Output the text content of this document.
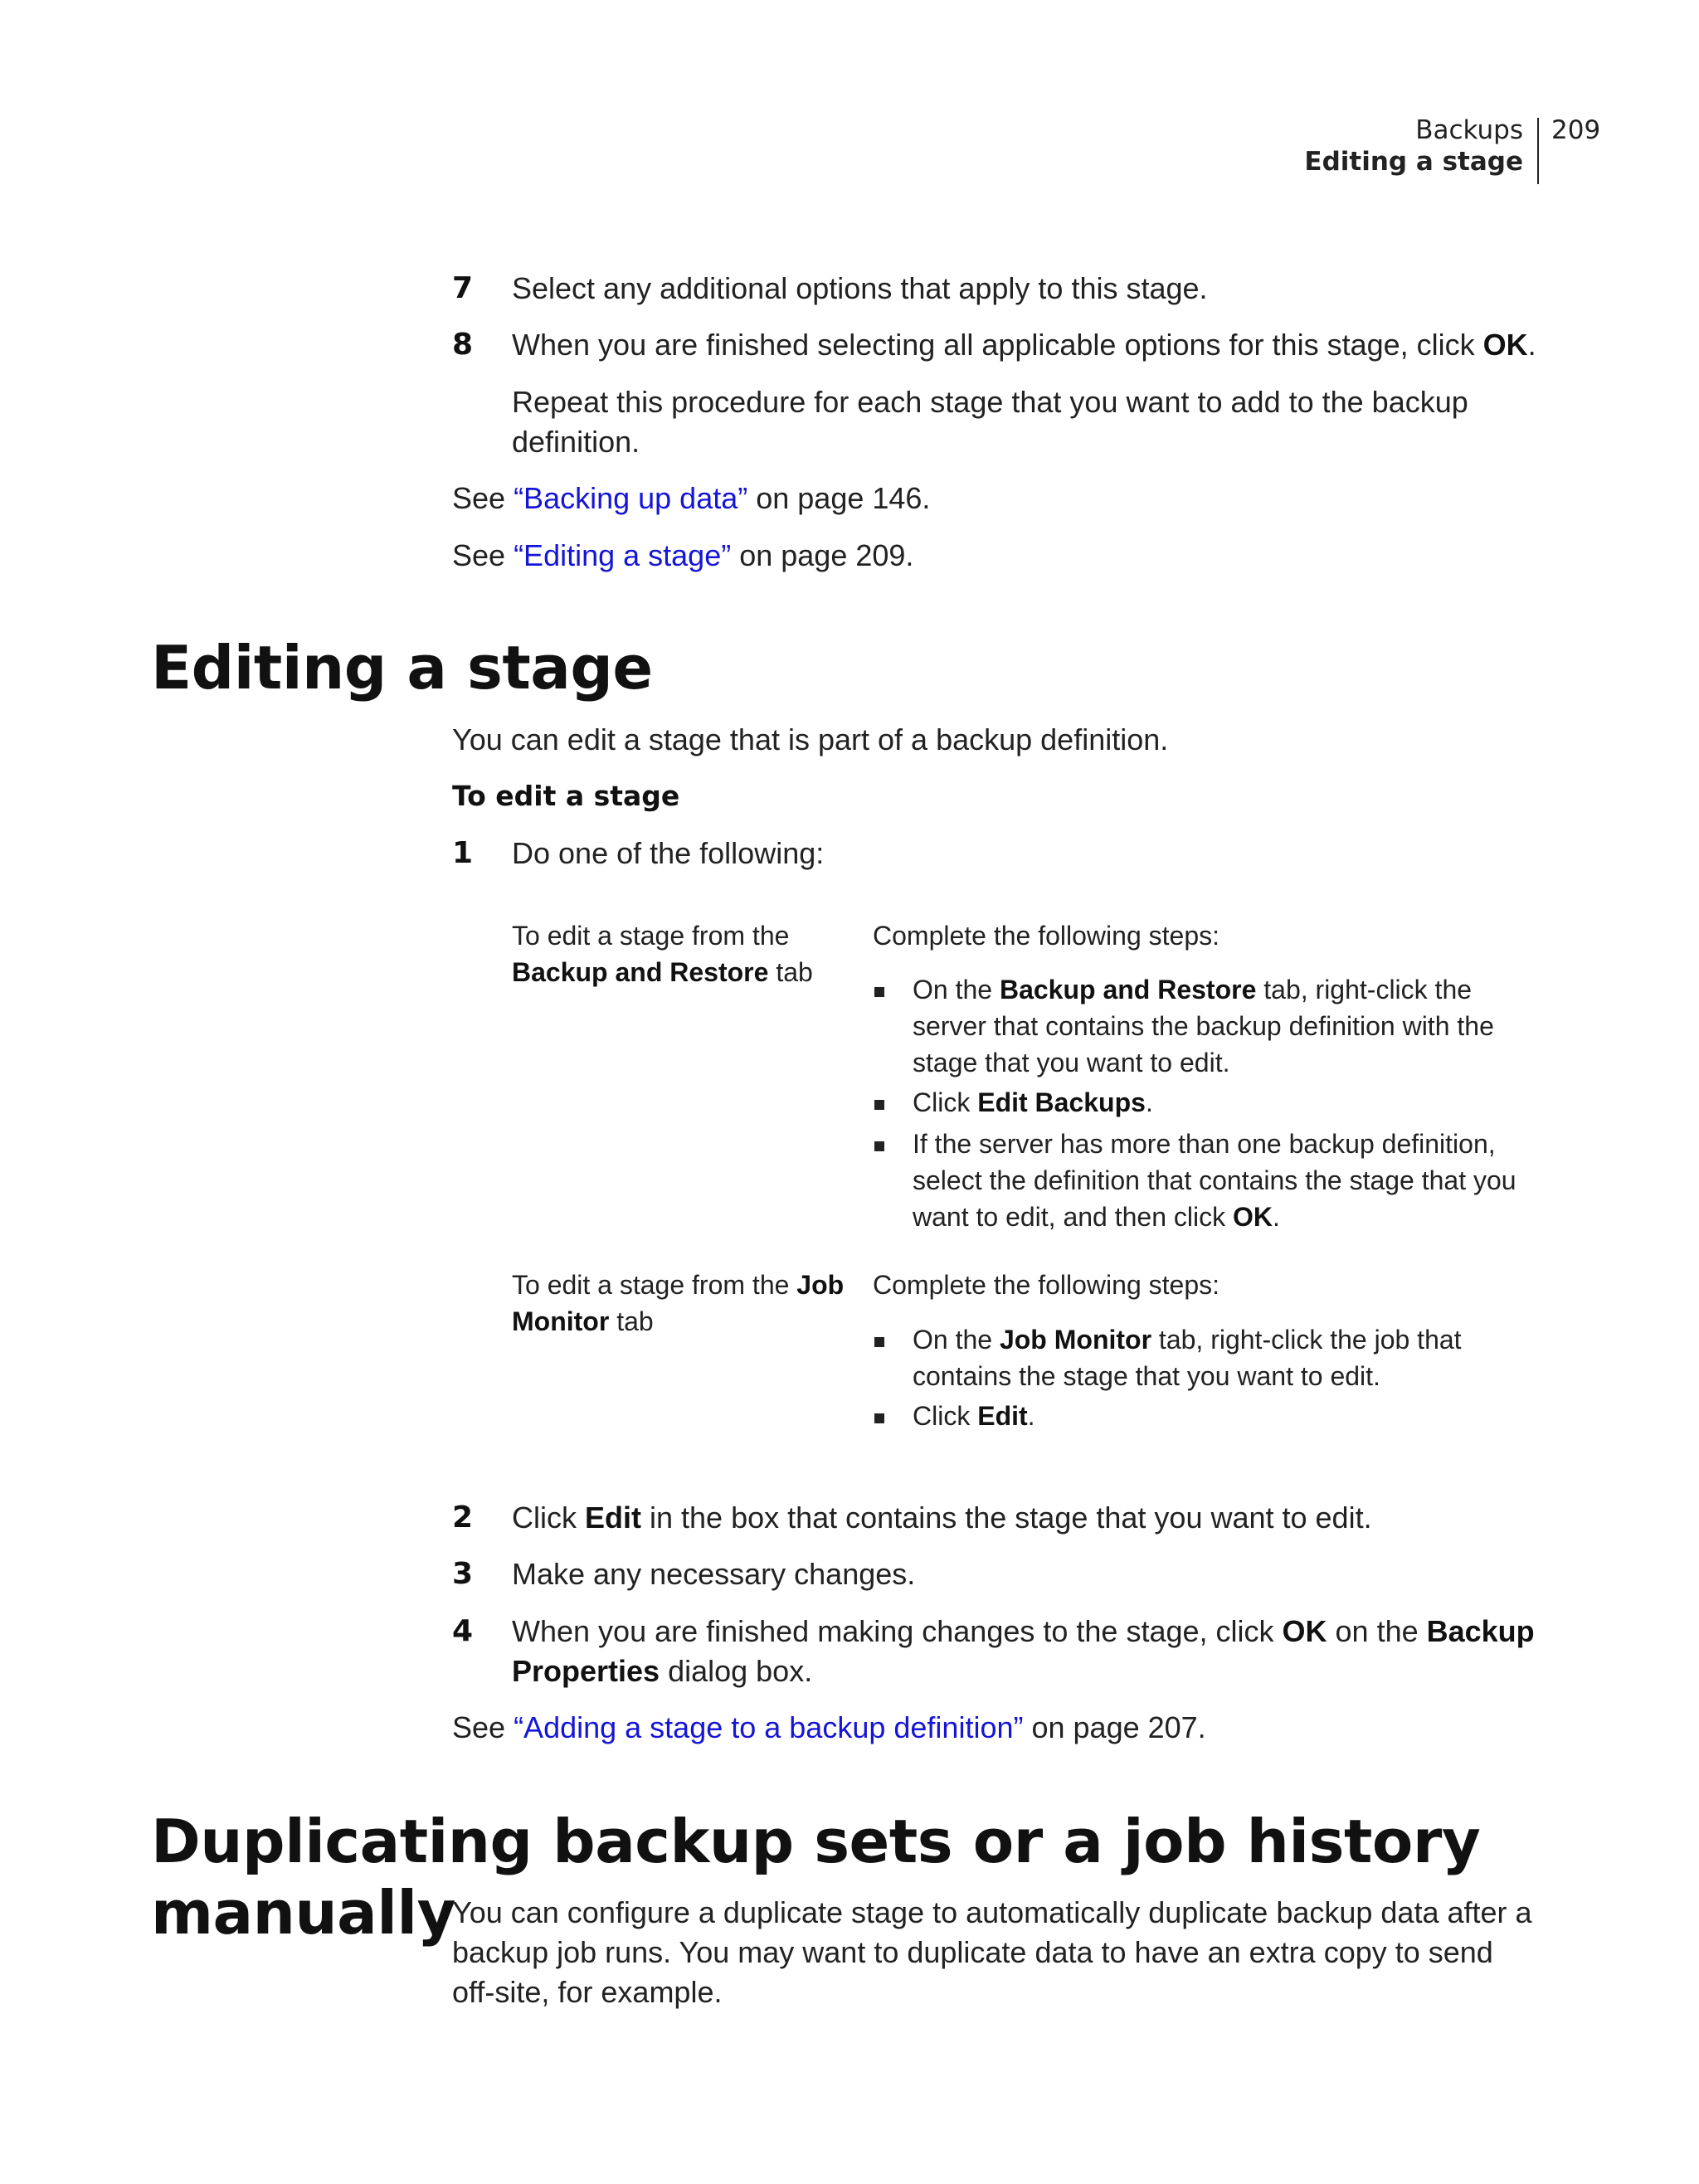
Backups
Editing a stage
209
7 Select any additional options that apply to this stage.
8 When you are finished selecting all applicable options for this stage, click OK.
Repeat this procedure for each stage that you want to add to the backup
definition.
See “Backing up data” on page 146.
See “Editing a stage” on page 209.
Editing a stage
You can edit a stage that is part of a backup definition.
To edit a stage
1 Do one of the following:
To edit a stage from the
Backup and Restore tab
Complete the following steps:
On the Backup and Restore tab, right-click the
server that contains the backup definition with the
stage that you want to edit.
Click Edit Backups.
If the server has more than one backup definition,
select the definition that contains the stage that you
want to edit, and then click OK.
To edit a stage from the Job
Monitor tab
Complete the following steps:
On the Job Monitor tab, right-click the job that
contains the stage that you want to edit.
Click Edit.
2 Click Edit in the box that contains the stage that you want to edit.
3 Make any necessary changes.
4 When you are finished making changes to the stage, click OK on the Backup
Properties dialog box.
See “Adding a stage to a backup definition” on page 207.
Duplicating backup sets or a job history manually
You can configure a duplicate stage to automatically duplicate backup data after a
backup job runs. You may want to duplicate data to have an extra copy to send
off-site, for example.
